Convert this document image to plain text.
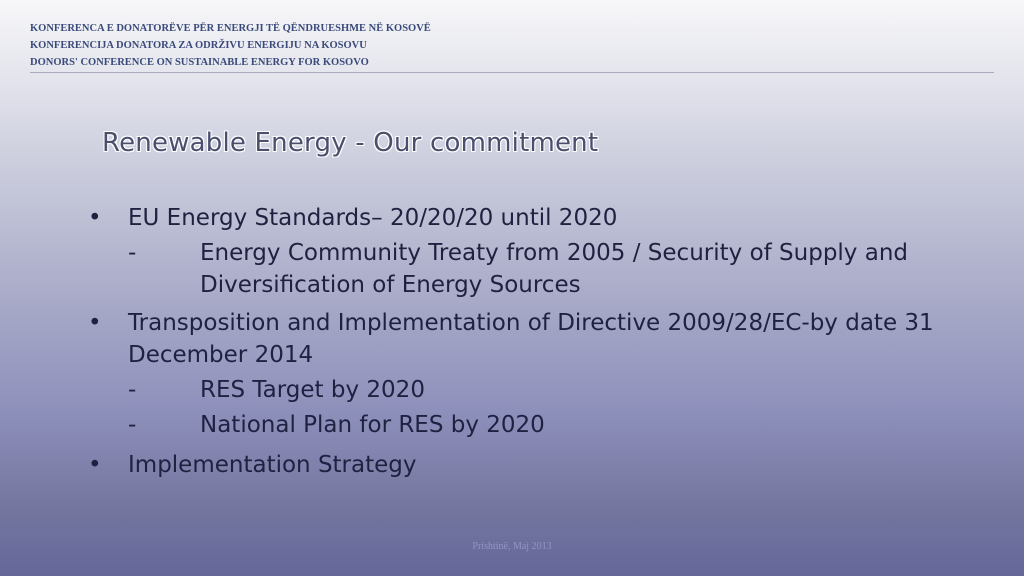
KONFERENCA E DONATORËVE PËR ENERGJI TË QËNDRUESHME NË KOSOVË
KONFERENCIJA DONATORA ZA ODRŽIVU ENERGIJU NA KOSOVU
DONORS' CONFERENCE ON SUSTAINABLE ENERGY FOR KOSOVO
Renewable Energy - Our commitment
•	EU Energy Standards– 20/20/20 until 2020
-	Energy Community Treaty from 2005 / Security of Supply and Diversification of Energy Sources
•	Transposition and Implementation of Directive 2009/28/EC-by date 31 December 2014
-	RES Target by 2020
-	National Plan for RES by 2020
•	Implementation Strategy
Prishtinë, Maj 2013
